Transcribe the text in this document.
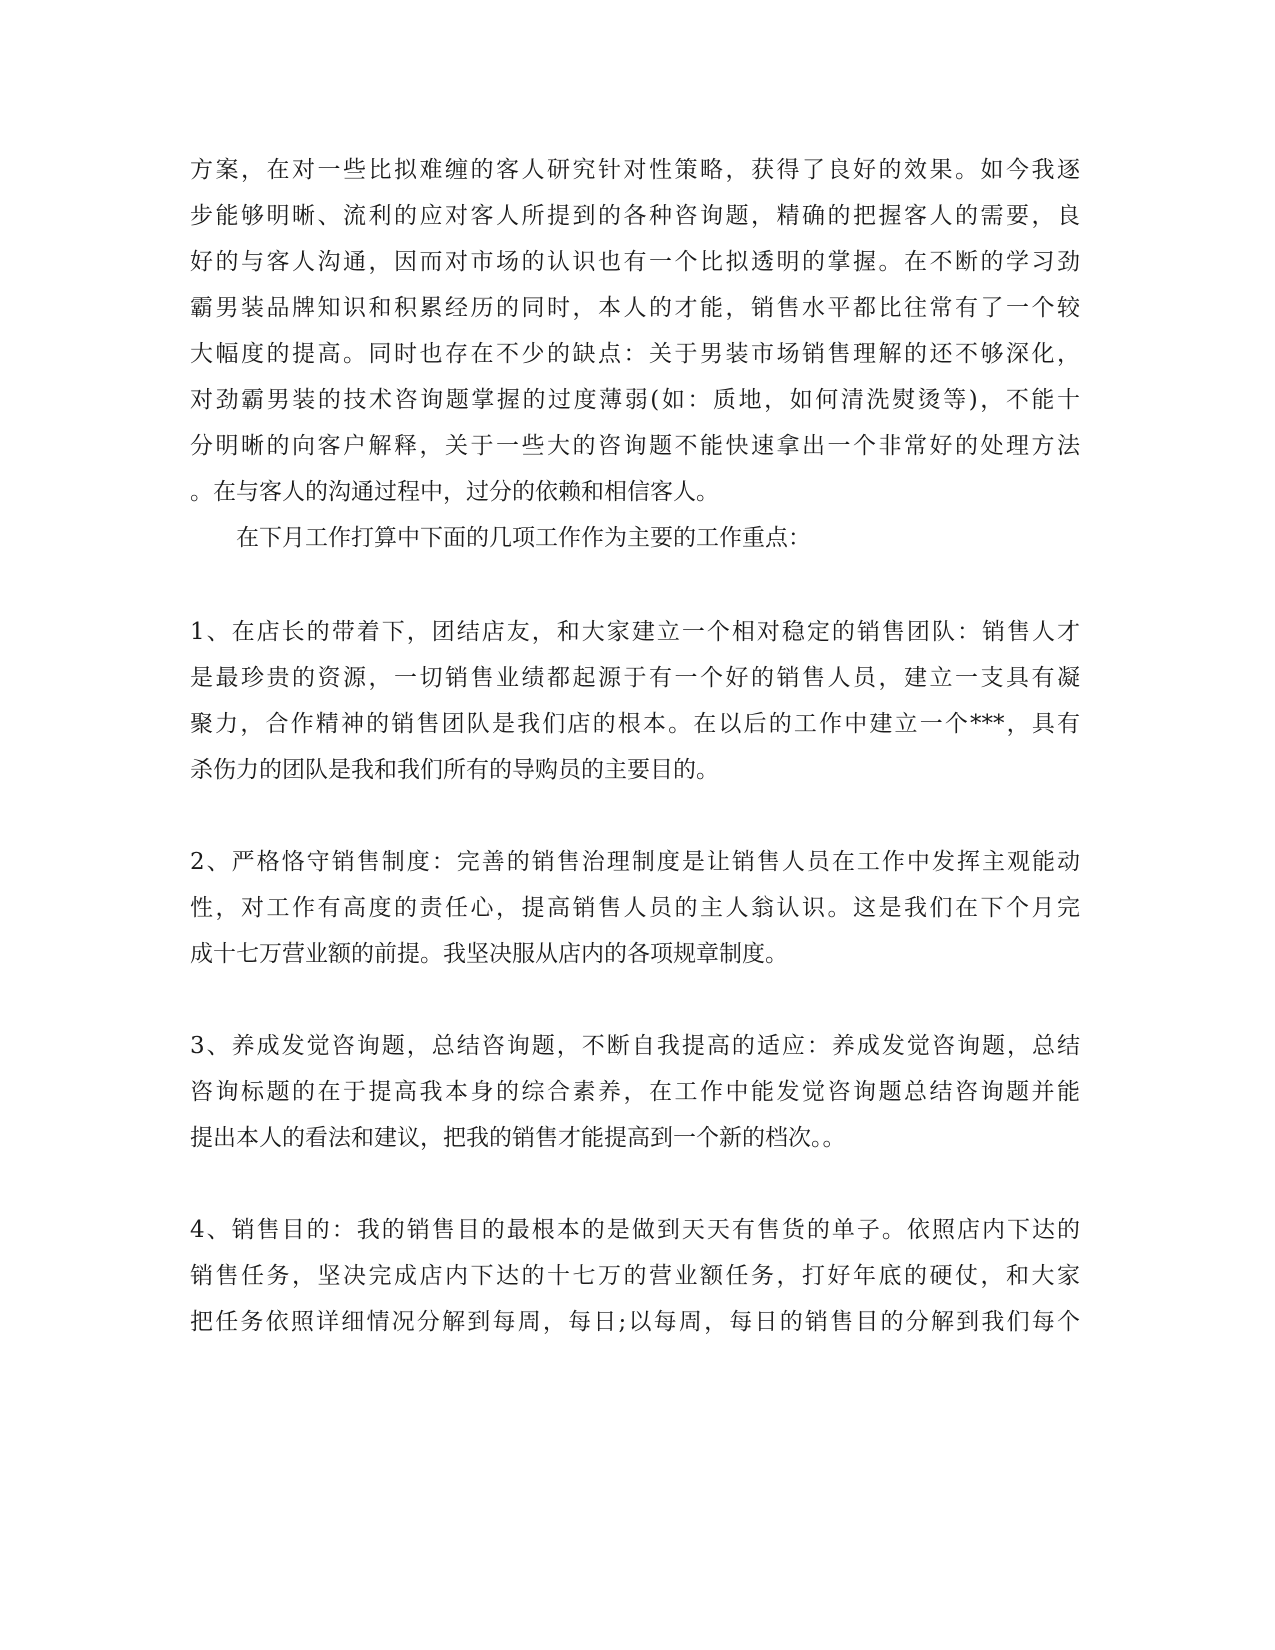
方案，在对一些比拟难缠的客人研究针对性策略，获得了良好的效果。如今我逐
步能够明晰、流利的应对客人所提到的各种咨询题，精确的把握客人的需要，良
好的与客人沟通，因而对市场的认识也有一个比拟透明的掌握。在不断的学习劲
霸男装品牌知识和积累经历的同时，本人的才能，销售水平都比往常有了一个较
大幅度的提高。同时也存在不少的缺点：关于男装市场销售理解的还不够深化，
对劲霸男装的技术咨询题掌握的过度薄弱(如：质地，如何清洗熨烫等)，不能十
分明晰的向客户解释，关于一些大的咨询题不能快速拿出一个非常好的处理方法
。在与客人的沟通过程中，过分的依赖和相信客人。
在下月工作打算中下面的几项工作作为主要的工作重点：
1、在店长的带着下，团结店友，和大家建立一个相对稳定的销售团队：销售人才
是最珍贵的资源，一切销售业绩都起源于有一个好的销售人员，建立一支具有凝
聚力，合作精神的销售团队是我们店的根本。在以后的工作中建立一个***，具有
杀伤力的团队是我和我们所有的导购员的主要目的。
2、严格恪守销售制度：完善的销售治理制度是让销售人员在工作中发挥主观能动
性，对工作有高度的责任心，提高销售人员的主人翁认识。这是我们在下个月完
成十七万营业额的前提。我坚决服从店内的各项规章制度。
3、养成发觉咨询题，总结咨询题，不断自我提高的适应：养成发觉咨询题，总结
咨询标题的在于提高我本身的综合素养，在工作中能发觉咨询题总结咨询题并能
提出本人的看法和建议，把我的销售才能提高到一个新的档次。。
4、销售目的：我的销售目的最根本的是做到天天有售货的单子。依照店内下达的
销售任务，坚决完成店内下达的十七万的营业额任务，打好年底的硬仗，和大家
把任务依照详细情况分解到每周，每日;以每周，每日的销售目的分解到我们每个
